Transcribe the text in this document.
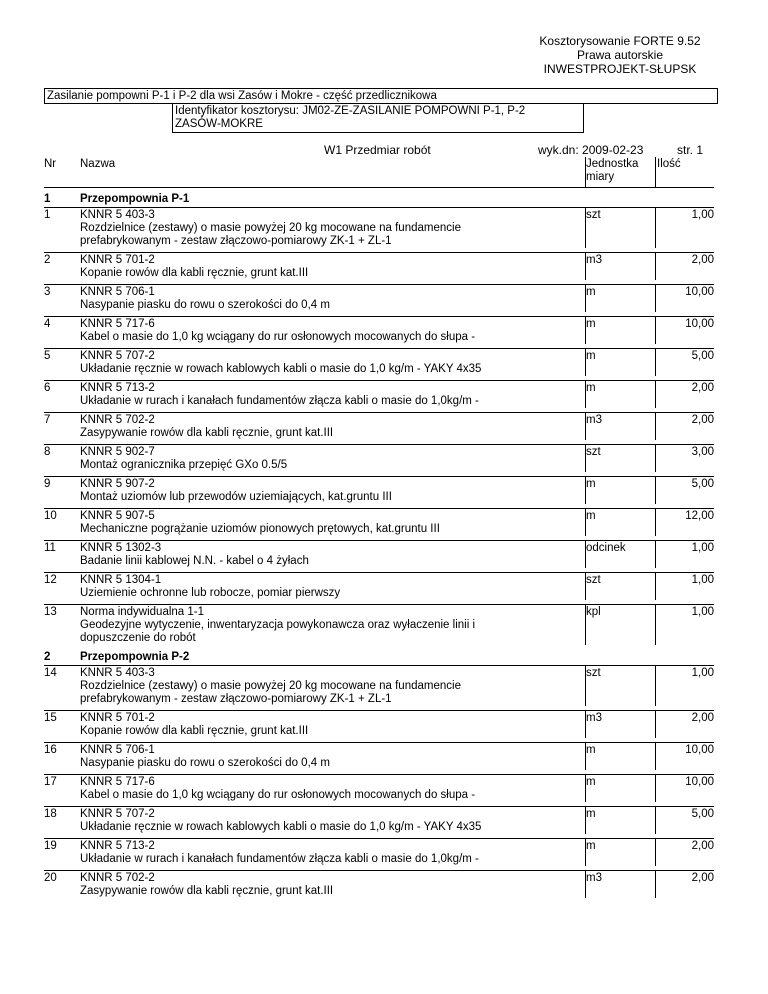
Kosztorysowanie FORTE 9.52
Prawa autorskie
INWESTPROJEKT-SŁUPSK
Zasilanie pompowni P-1 i P-2 dla wsi Zasów i Mokre - część przedlicznikowa
Identyfikator kosztorysu: JM02-ZE-ZASILANIE POMPOWNI P-1, P-2
ZASÓW-MOKRE
W1 Przedmiar robót	wyk.dn: 2009-02-23	str. 1
Nr Nazwa	Jednostka
miary
Ilość
1	Przepompownia P-1
1	KNNR 5 403-3
Rozdzielnice (zestawy) o masie powyżej 20 kg mocowane na fundamencie
prefabrykowanym - zestaw złączowo-pomiarowy ZK-1 + ZL-1
szt	1,00
2	KNNR 5 701-2
Kopanie rowów dla kabli ręcznie, grunt kat.III
m3	2,00
3	KNNR 5 706-1
Nasypanie piasku do rowu o szerokości do 0,4 m
m	10,00
4	KNNR 5 717-6
Kabel o masie do 1,0 kg wciągany do rur osłonowych mocowanych do słupa -
m	10,00
5	KNNR 5 707-2
Układanie ręcznie w rowach kablowych kabli o masie do 1,0 kg/m - YAKY 4x35
m	5,00
6	KNNR 5 713-2
Układanie w rurach i kanałach fundamentów złącza kabli o masie do 1,0kg/m -
m	2,00
7	KNNR 5 702-2
Zasypywanie rowów dla kabli ręcznie, grunt kat.III
m3	2,00
8	KNNR 5 902-7
Montaż ogranicznika przepięć GXo 0.5/5
szt	3,00
9	KNNR 5 907-2
Montaż uziomów lub przewodów uziemiających, kat.gruntu III
m	5,00
10 KNNR 5 907-5
Mechaniczne pogrążanie uziomów pionowych prętowych, kat.gruntu III
m	12,00
11 KNNR 5 1302-3
Badanie linii kablowej N.N. - kabel o 4 żyłach
odcinek	1,00
12 KNNR 5 1304-1
Uziemienie ochronne lub robocze, pomiar pierwszy
szt	1,00
13 Norma indywidualna 1-1
Geodezyjne wytyczenie, inwentaryzacja powykonawcza oraz wyłaczenie linii i
dopuszczenie do robót
kpl	1,00
2	Przepompownia P-2
14 KNNR 5 403-3
Rozdzielnice (zestawy) o masie powyżej 20 kg mocowane na fundamencie
prefabrykowanym - zestaw złączowo-pomiarowy ZK-1 + ZL-1
szt	1,00
15 KNNR 5 701-2
Kopanie rowów dla kabli ręcznie, grunt kat.III
m3	2,00
16 KNNR 5 706-1
Nasypanie piasku do rowu o szerokości do 0,4 m
m	10,00
17 KNNR 5 717-6
Kabel o masie do 1,0 kg wciągany do rur osłonowych mocowanych do słupa -
m	10,00
18 KNNR 5 707-2
Układanie ręcznie w rowach kablowych kabli o masie do 1,0 kg/m - YAKY 4x35
m	5,00
19 KNNR 5 713-2
Układanie w rurach i kanałach fundamentów złącza kabli o masie do 1,0kg/m -
m	2,00
20 KNNR 5 702-2
Zasypywanie rowów dla kabli ręcznie, grunt kat.III
m3	2,00
